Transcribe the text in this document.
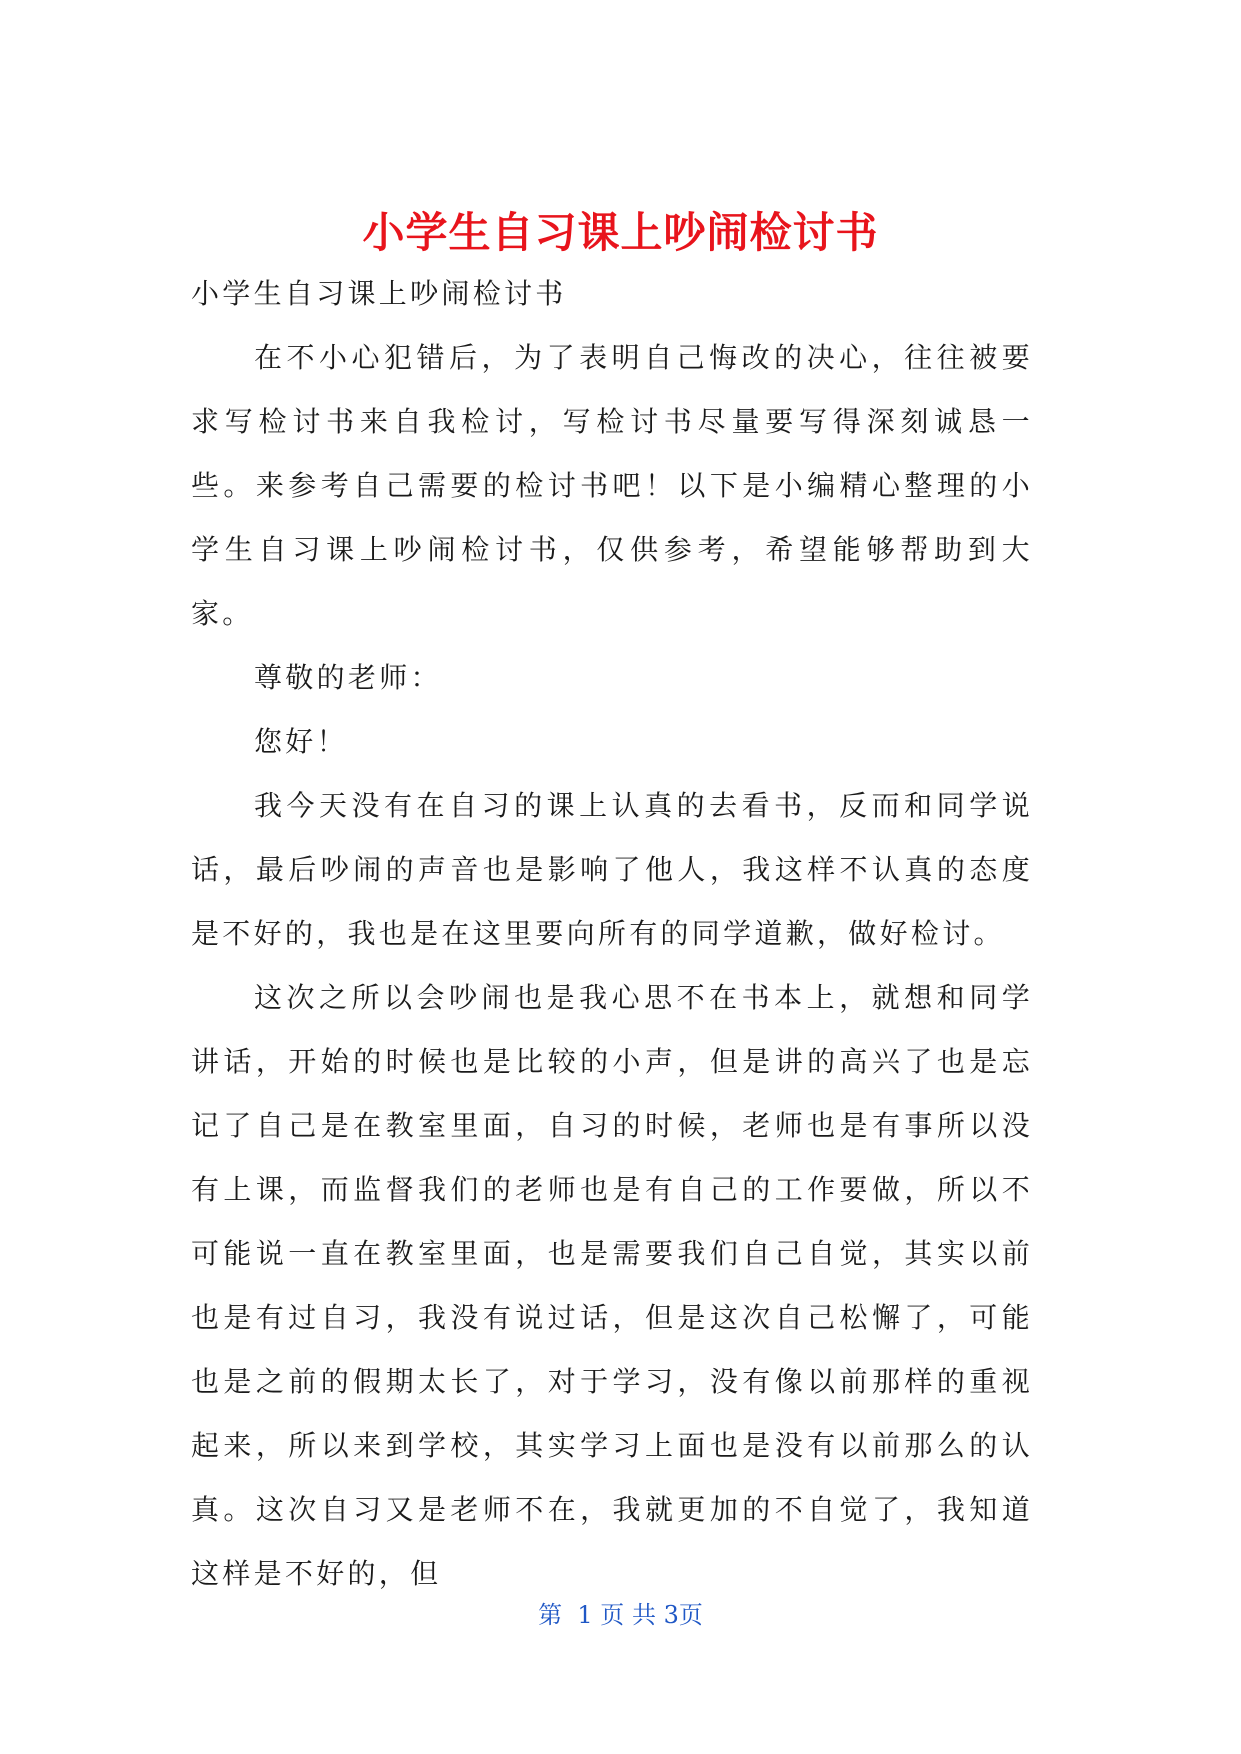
小学生自习课上吵闹检讨书

小学生自习课上吵闹检讨书

在不小心犯错后，为了表明自己悔改的决心，往往被要求写检讨书来自我检讨，写检讨书尽量要写得深刻诚恳一些。来参考自己需要的检讨书吧！以下是小编精心整理的小学生自习课上吵闹检讨书，仅供参考，希望能够帮助到大家。

尊敬的老师：

您好！

我今天没有在自习的课上认真的去看书，反而和同学说话，最后吵闹的声音也是影响了他人，我这样不认真的态度是不好的，我也是在这里要向所有的同学道歉，做好检讨。

这次之所以会吵闹也是我心思不在书本上，就想和同学讲话，开始的时候也是比较的小声，但是讲的高兴了也是忘记了自己是在教室里面，自习的时候，老师也是有事所以没有上课，而监督我们的老师也是有自己的工作要做，所以不可能说一直在教室里面，也是需要我们自己自觉，其实以前也是有过自习，我没有说过话，但是这次自己松懈了，可能也是之前的假期太长了，对于学习，没有像以前那样的重视起来，所以来到学校，其实学习上面也是没有以前那么的认真。这次自习又是老师不在，我就更加的不自觉了，我知道这样是不好的，但

第  1 页 共 3页
